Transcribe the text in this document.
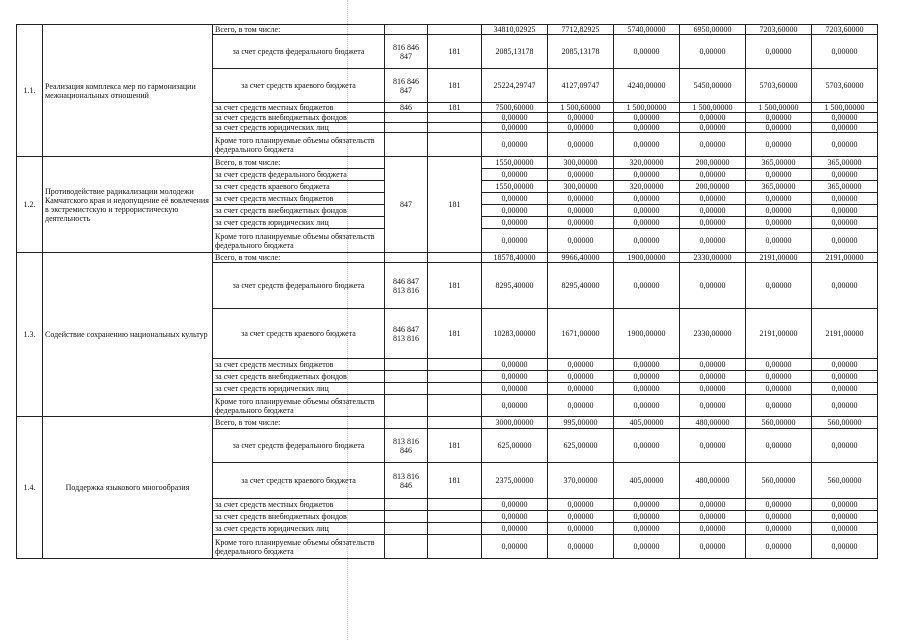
1.1.	Реализация комплекса мер по гармонизации межнациональных отношений	Всего, в том числе:			34810,02925	7712,82925	5740,00000	6950,00000	7203,60000	7203,60000
		за счет средств федерального бюджета	816 846 847	181	2085,13178	2085,13178	0,00000	0,00000	0,00000	0,00000
		за счет средств краевого бюджета	816 846 847	181	25224,29747	4127,09747	4240,00000	5450,00000	5703,60000	5703,60000
		за счет средств местных бюджетов	846	181	7500,60000	1 500,60000	1 500,00000	1 500,00000	1 500,00000	1 500,00000
		за счет средств внебюджетных фондов			0,00000	0,00000	0,00000	0,00000	0,00000	0,00000
		за счет средств юридических лиц			0,00000	0,00000	0,00000	0,00000	0,00000	0,00000
		Кроме того планируемые объемы обязательств федерального бюджета			0,00000	0,00000	0,00000	0,00000	0,00000	0,00000
1.2.	Противодействие радикализации молодежи Камчатского края и недопущение её вовлечения в экстремистскую и террористическую деятельность	Всего, в том числе:	847	181	1550,00000	300,00000	320,00000	200,00000	365,00000	365,00000
		за счет средств федерального бюджета			0,00000	0,00000	0,00000	0,00000	0,00000	0,00000
		за счет средств краевого бюджета			1550,00000	300,00000	320,00000	200,00000	365,00000	365,00000
		за счет средств местных бюджетов			0,00000	0,00000	0,00000	0,00000	0,00000	0,00000
		за счет средств внебюджетных фондов			0,00000	0,00000	0,00000	0,00000	0,00000	0,00000
		за счет средств юридических лиц			0,00000	0,00000	0,00000	0,00000	0,00000	0,00000
		Кроме того планируемые объемы обязательств федерального бюджета			0,00000	0,00000	0,00000	0,00000	0,00000	0,00000
1.3.	Содействие сохранению национальных культур	Всего, в том числе:			18578,40000	9966,40000	1900,00000	2330,00000	2191,00000	2191,00000
		за счет средств федерального бюджета	846 847 813 816	181	8295,40000	8295,40000	0,00000	0,00000	0,00000	0,00000
		за счет средств краевого бюджета	846 847 813 816	181	10283,00000	1671,00000	1900,00000	2330,00000	2191,00000	2191,00000
		за счет средств местных бюджетов			0,00000	0,00000	0,00000	0,00000	0,00000	0,00000
		за счет средств внебюджетных фондов			0,00000	0,00000	0,00000	0,00000	0,00000	0,00000
		за счет средств юридических лиц			0,00000	0,00000	0,00000	0,00000	0,00000	0,00000
		Кроме того планируемые объемы обязательств федерального бюджета			0,00000	0,00000	0,00000	0,00000	0,00000	0,00000
1.4.	Поддержка языкового многообразия	Всего, в том числе:			3000,00000	995,00000	405,00000	480,00000	560,00000	560,00000
		за счет средств федерального бюджета	813 816 846	181	625,00000	625,00000	0,00000	0,00000	0,00000	0,00000
		за счет средств краевого бюджета	813 816 846	181	2375,00000	370,00000	405,00000	480,00000	560,00000	560,00000
		за счет средств местных бюджетов			0,00000	0,00000	0,00000	0,00000	0,00000	0,00000
		за счет средств внебюджетных фондов			0,00000	0,00000	0,00000	0,00000	0,00000	0,00000
		за счет средств юридических лиц			0,00000	0,00000	0,00000	0,00000	0,00000	0,00000
		Кроме того планируемые объемы обязательств федерального бюджета			0,00000	0,00000	0,00000	0,00000	0,00000	0,00000
